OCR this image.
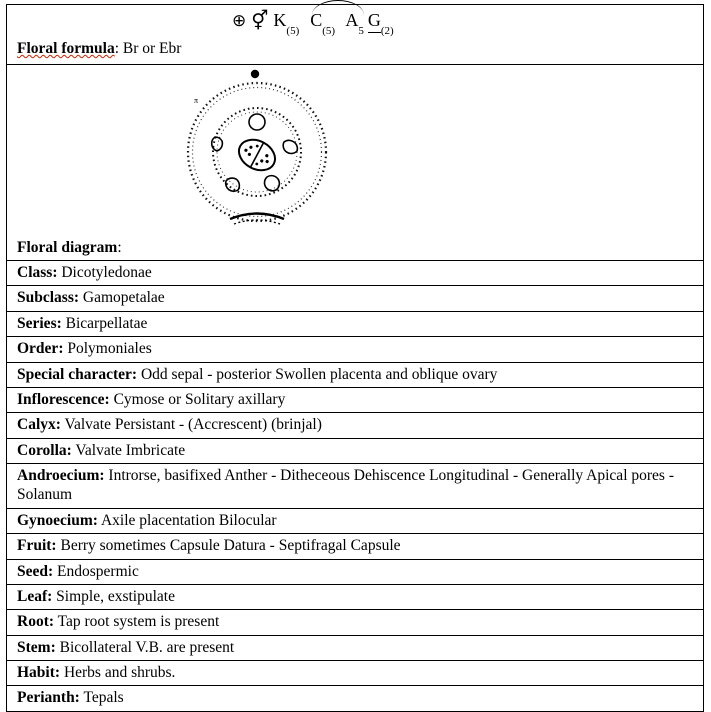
⊕ ⚥ $K_{(5)}$
$C_{(5)}$ $A_5$
$G_{(2)}$
Floral formula: Br or Ebr
π
Floral diagram:
Class: Dicotyledonae
Subclass: Gamopetalae
Series: Bicarpellatae
Order: Polymoniales
Special character: Odd sepal - posterior Swollen placenta and oblique ovary
Inflorescence: Cymose or Solitary axillary
Calyx: Valvate Persistant - (Accrescent) (brinjal)
Corolla: Valvate Imbricate
Androecium: Introrse, basifixed Anther - Ditheceous Dehiscence Longitudinal - Generally Apical pores - Solanum
Gynoecium: Axile placentation Bilocular
Fruit: Berry sometimes Capsule Datura - Septifragal Capsule
Seed: Endospermic
Leaf: Simple, exstipulate
Root: Tap root system is present
Stem: Bicollateral V.B. are present
Habit: Herbs and shrubs.
Perianth: Tepals
